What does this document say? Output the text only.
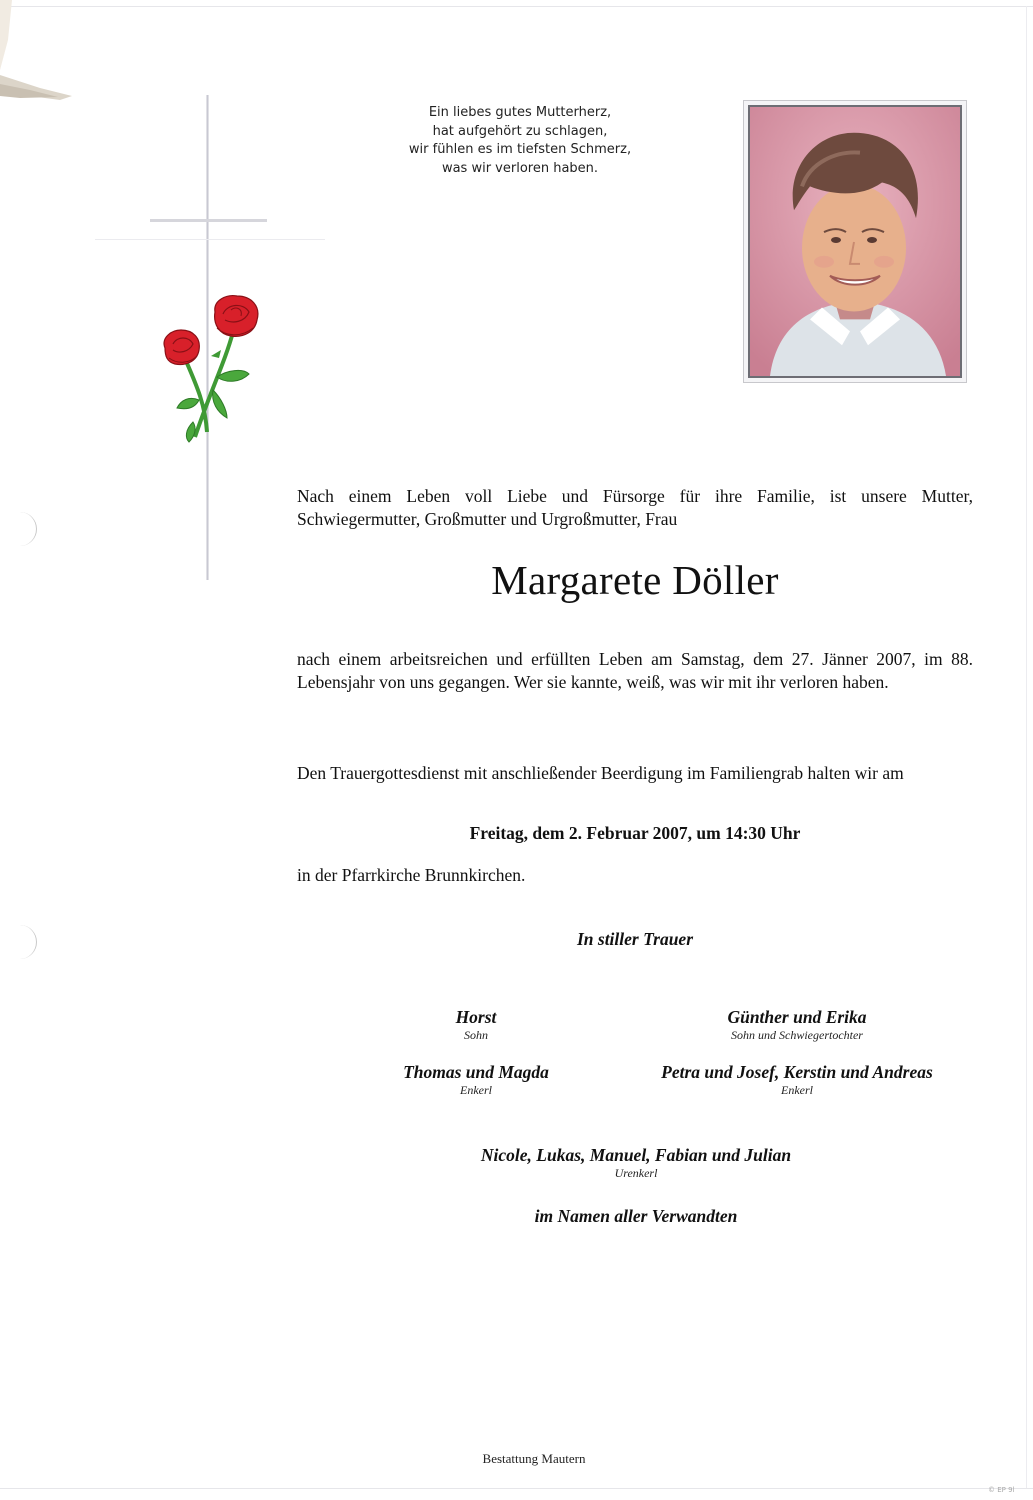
Ein liebes gutes Mutterherz,
hat aufgehört zu schlagen,
wir fühlen es im tiefsten Schmerz,
was wir verloren haben.
Nach einem Leben voll Liebe und Fürsorge für ihre Familie, ist unsere Mutter, Schwiegermutter, Großmutter und Urgroßmutter, Frau
Margarete Döller
nach einem arbeitsreichen und erfüllten Leben am Samstag, dem 27. Jänner 2007, im 88. Lebensjahr von uns gegangen. Wer sie kannte, weiß, was wir mit ihr verloren haben.
Den Trauergottesdienst mit anschließender Beerdigung im Familiengrab halten wir am
Freitag, dem 2. Februar 2007, um 14:30 Uhr
in der Pfarrkirche Brunnkirchen.
In stiller Trauer
Horst
Sohn
Günther und Erika
Sohn und Schwiegertochter
Thomas und Magda
Enkerl
Petra und Josef, Kerstin und Andreas
Enkerl
Nicole, Lukas, Manuel, Fabian und Julian
Urenkerl
im Namen aller Verwandten
Bestattung Mautern
© EP 9l
